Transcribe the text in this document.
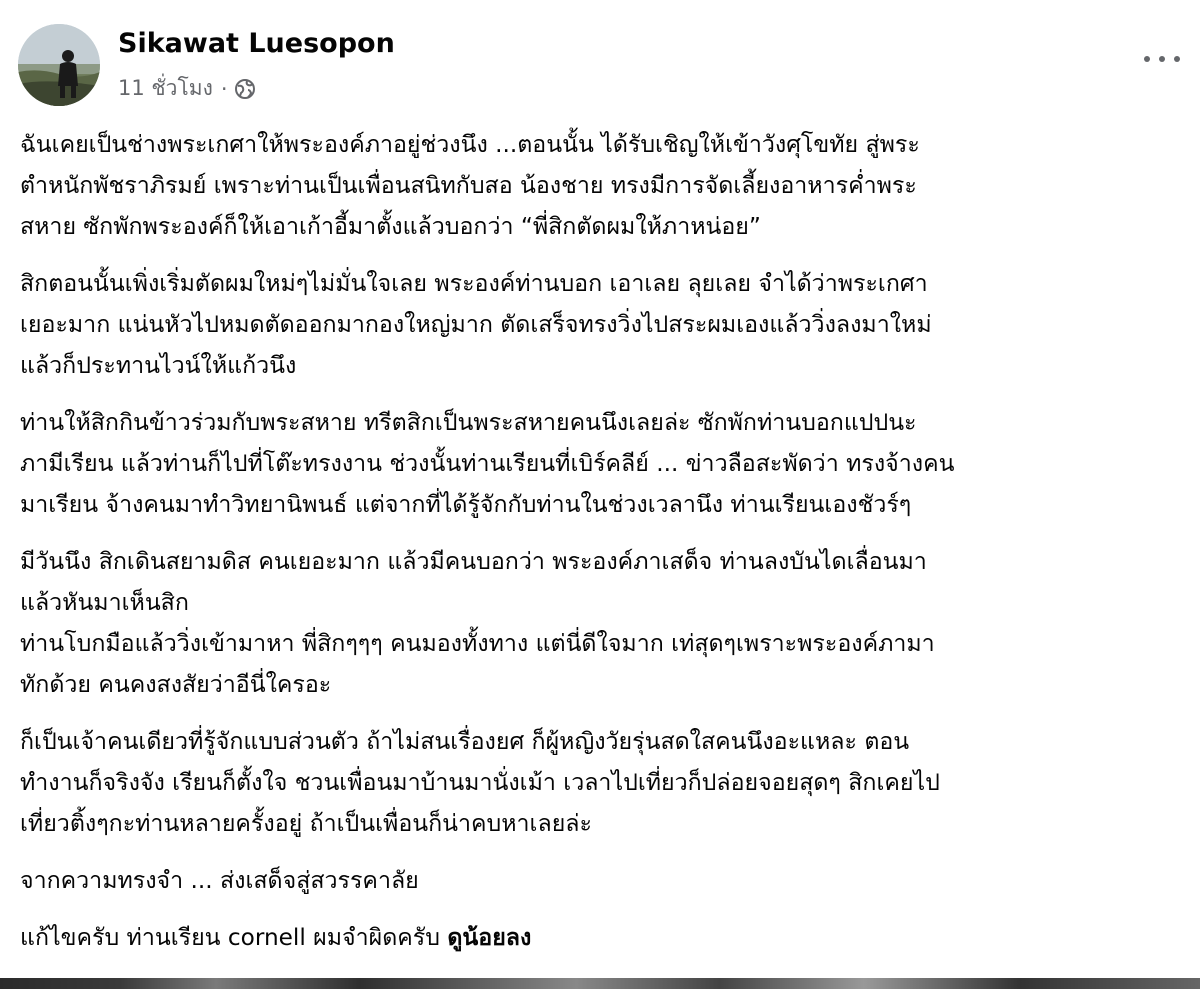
Sikawat Luesopon
11 ชั่วโมง ·

ฉันเคยเป็นช่างพระเกศาให้พระองค์ภาอยู่ช่วงนึง ...ตอนนั้น ได้รับเชิญให้เข้าวังศุโขทัย สู่พระ
ตำหนักพัชราภิรมย์ เพราะท่านเป็นเพื่อนสนิทกับสอ น้องชาย ทรงมีการจัดเลี้ยงอาหารค่ำพระ
สหาย ซักพักพระองค์ก็ให้เอาเก้าอี้มาตั้งแล้วบอกว่า “พี่สิกตัดผมให้ภาหน่อย”

สิกตอนนั้นเพิ่งเริ่มตัดผมใหม่ๆไม่มั่นใจเลย พระองค์ท่านบอก เอาเลย ลุยเลย จำได้ว่าพระเกศา
เยอะมาก แน่นหัวไปหมดตัดออกมากองใหญ่มาก ตัดเสร็จทรงวิ่งไปสระผมเองแล้ววิ่งลงมาใหม่
แล้วก็ประทานไวน์ให้แก้วนึง

ท่านให้สิกกินข้าวร่วมกับพระสหาย ทรีตสิกเป็นพระสหายคนนึงเลยล่ะ ซักพักท่านบอกแปปนะ
ภามีเรียน แล้วท่านก็ไปที่โต๊ะทรงงาน ช่วงนั้นท่านเรียนที่เบิร์คลีย์ ... ข่าวลือสะพัดว่า ทรงจ้างคน
มาเรียน จ้างคนมาทำวิทยานิพนธ์ แต่จากที่ได้รู้จักกับท่านในช่วงเวลานึง ท่านเรียนเองชัวร์ๆ

มีวันนึง สิกเดินสยามดิส คนเยอะมาก แล้วมีคนบอกว่า พระองค์ภาเสด็จ ท่านลงบันไดเลื่อนมา
แล้วหันมาเห็นสิก
ท่านโบกมือแล้ววิ่งเข้ามาหา พี่สิกๆๆๆ คนมองทั้งทาง แต่นี่ดีใจมาก เท่สุดๆเพราะพระองค์ภามา
ทักด้วย คนคงสงสัยว่าอีนี่ใครอะ

ก็เป็นเจ้าคนเดียวที่รู้จักแบบส่วนตัว ถ้าไม่สนเรื่องยศ ก็ผู้หญิงวัยรุ่นสดใสคนนึงอะแหละ ตอน
ทำงานก็จริงจัง เรียนก็ตั้งใจ ชวนเพื่อนมาบ้านมานั่งเม้า เวลาไปเที่ยวก็ปล่อยจอยสุดๆ สิกเคยไป
เที่ยวติ้งๆกะท่านหลายครั้งอยู่ ถ้าเป็นเพื่อนก็น่าคบหาเลยล่ะ

จากความทรงจำ ... ส่งเสด็จสู่สวรรคาลัย

แก้ไขครับ ท่านเรียน cornell ผมจำผิดครับ ดูน้อยลง
